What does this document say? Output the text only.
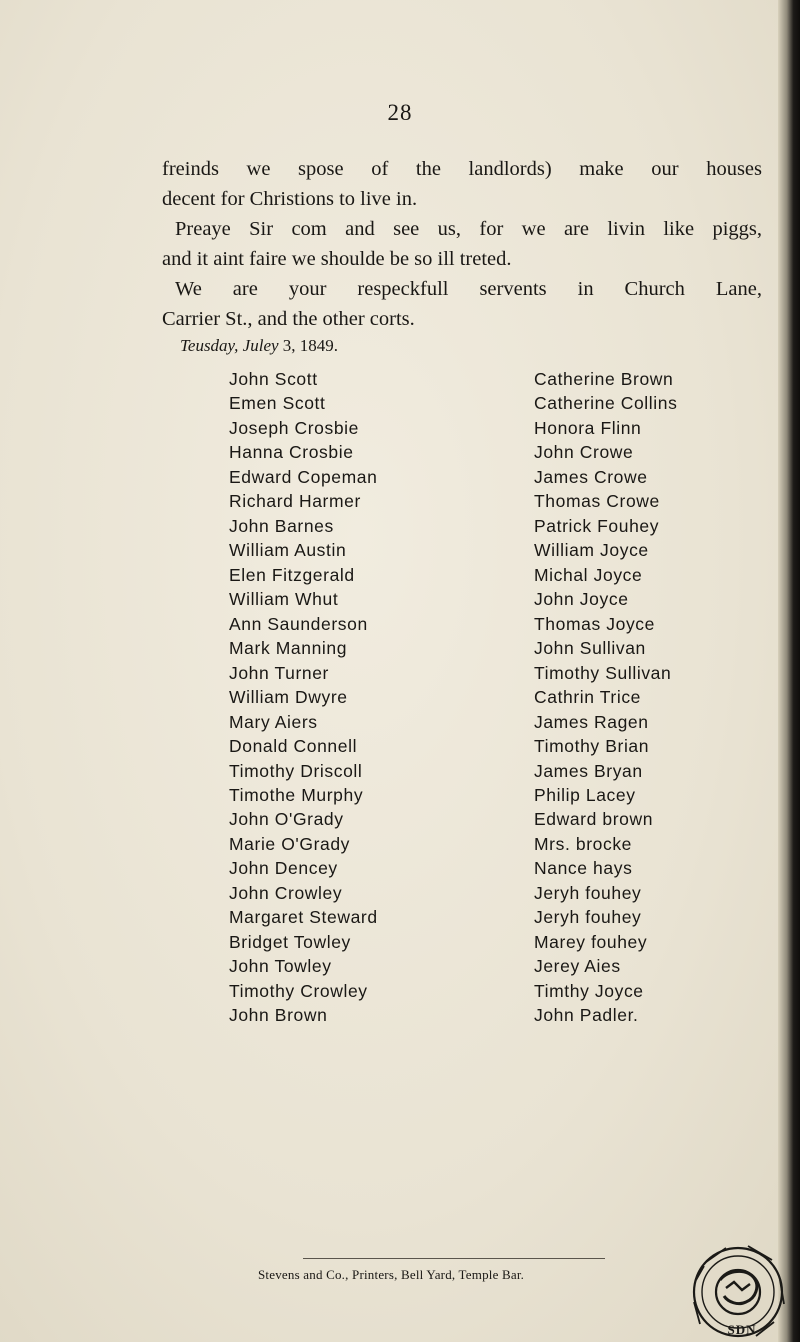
28

freinds we spose of the landlords) make our houses
decent for Christions to live in.

Preaye Sir com and see us, for we are livin like piggs,
and it aint faire we shoulde be so ill treted.

We are your respeckfull servents in Church Lane,
Carrier St., and the other corts.

Teusday, Juley 3, 1849.
John Scott
Emen Scott
Joseph Crosbie
Hanna Crosbie
Edward Copeman
Richard Harmer
John Barnes
William Austin
Elen Fitzgerald
William Whut
Ann Saunderson
Mark Manning
John Turner
William Dwyre
Mary Aiers
Donald Connell
Timothy Driscoll
Timothe Murphy
John O'Grady
Marie O'Grady
John Dencey
John Crowley
Margaret Steward
Bridget Towley
John Towley
Timothy Crowley
John Brown
Catherine Brown
Catherine Collins
Honora Flinn
John Crowe
James Crowe
Thomas Crowe
Patrick Fouhey
William Joyce
Michal Joyce
John Joyce
Thomas Joyce
John Sullivan
Timothy Sullivan
Cathrin Trice
James Ragen
Timothy Brian
James Bryan
Philip Lacey
Edward brown
Mrs. brocke
Nance hays
Jeryh fouhey
Jeryh fouhey
Marey fouhey
Jerey Aies
Timthy Joyce
John Padler.
Stevens and Co., Printers, Bell Yard, Temple Bar.
SDN
